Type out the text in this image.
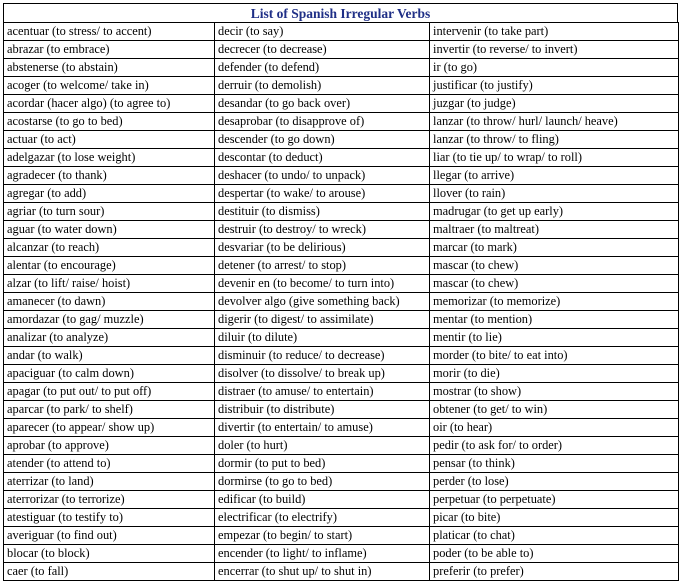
List of Spanish Irregular Verbs
acentuar (to stress/ to accent)	decir (to say)	intervenir (to take part)
abrazar (to embrace)	decrecer (to decrease)	invertir (to reverse/ to invert)
abstenerse (to abstain)	defender (to defend)	ir (to go)
acoger (to welcome/ take in)	derruir (to demolish)	justificar (to justify)
acordar (hacer algo) (to agree to)	desandar (to go back over)	juzgar (to judge)
acostarse (to go to bed)	desaprobar (to disapprove of)	lanzar (to throw/ hurl/ launch/ heave)
actuar (to act)	descender (to go down)	lanzar (to throw/ to fling)
adelgazar (to lose weight)	descontar (to deduct)	liar (to tie up/ to wrap/ to roll)
agradecer (to thank)	deshacer (to undo/ to unpack)	llegar (to arrive)
agregar (to add)	despertar (to wake/ to arouse)	llover (to rain)
agriar (to turn sour)	destituir (to dismiss)	madrugar (to get up early)
aguar (to water down)	destruir (to destroy/ to wreck)	maltraer (to maltreat)
alcanzar (to reach)	desvariar (to be delirious)	marcar (to mark)
alentar (to encourage)	detener (to arrest/ to stop)	mascar (to chew)
alzar (to lift/ raise/ hoist)	devenir en (to become/ to turn into)	mascar (to chew)
amanecer (to dawn)	devolver algo (give something back)	memorizar (to memorize)
amordazar (to gag/ muzzle)	digerir (to digest/ to assimilate)	mentar (to mention)
analizar (to analyze)	diluir (to dilute)	mentir (to lie)
andar (to walk)	disminuir (to reduce/ to decrease)	morder (to bite/ to eat into)
apaciguar (to calm down)	disolver (to dissolve/ to break up)	morir (to die)
apagar (to put out/ to put off)	distraer (to amuse/ to entertain)	mostrar (to show)
aparcar (to park/ to shelf)	distribuir (to distribute)	obtener (to get/ to win)
aparecer (to appear/ show up)	divertir (to entertain/ to amuse)	oir (to hear)
aprobar (to approve)	doler (to hurt)	pedir (to ask for/ to order)
atender (to attend to)	dormir (to put to bed)	pensar (to think)
aterrizar (to land)	dormirse (to go to bed)	perder (to lose)
aterrorizar (to terrorize)	edificar (to build)	perpetuar (to perpetuate)
atestiguar (to testify to)	electrificar (to electrify)	picar (to bite)
averiguar (to find out)	empezar (to begin/ to start)	platicar (to chat)
blocar (to block)	encender (to light/ to inflame)	poder (to be able to)
caer (to fall)	encerrar (to shut up/ to shut in)	preferir (to prefer)
